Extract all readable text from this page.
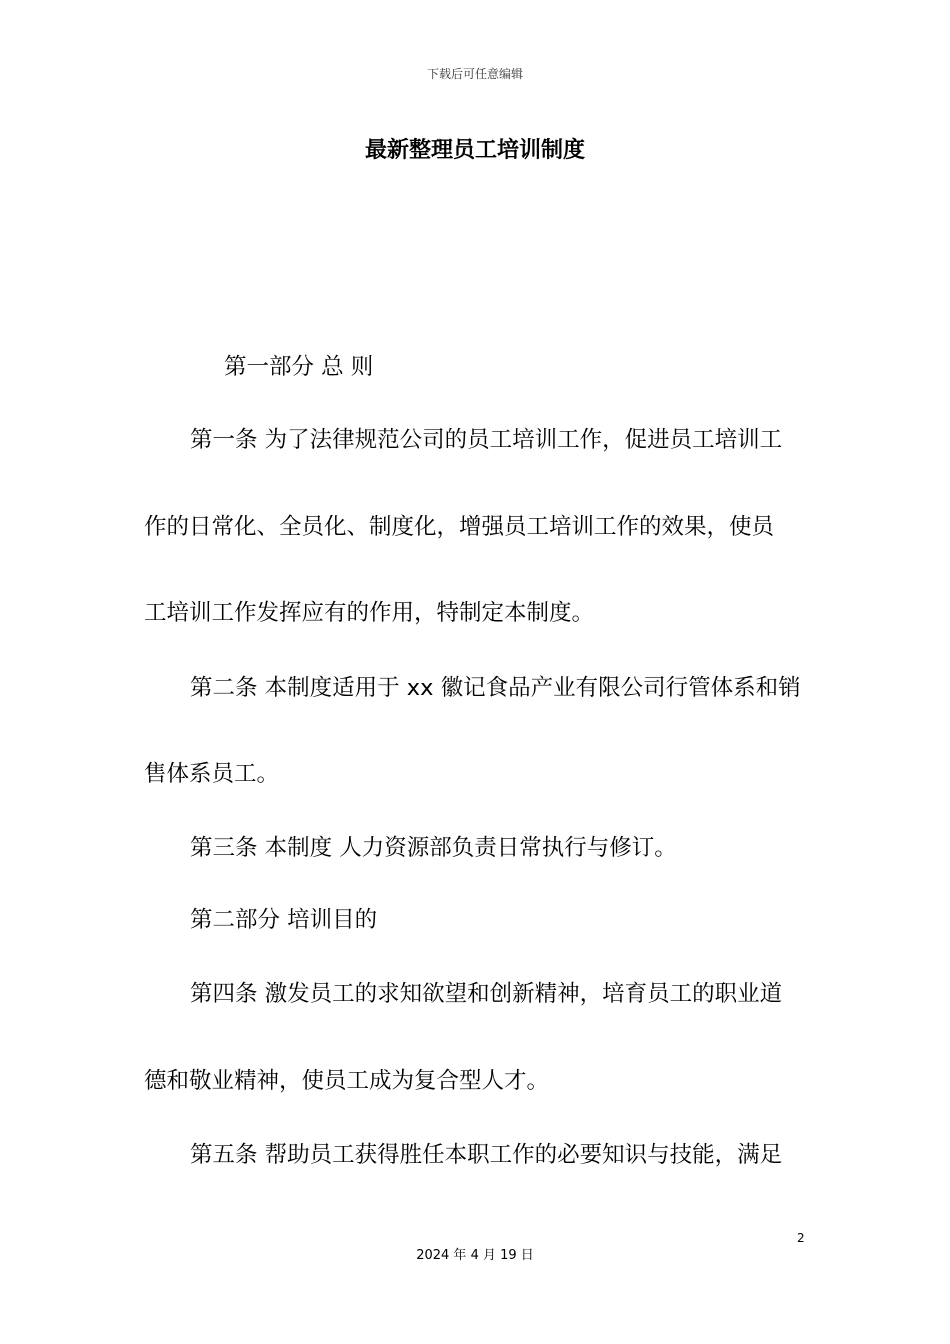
下载后可任意编辑
最新整理员工培训制度
第一部分 总 则
第一条 为了法律规范公司的员工培训工作，促进员工培训工
作的日常化、全员化、制度化，增强员工培训工作的效果，使员
工培训工作发挥应有的作用，特制定本制度。
第二条 本制度适用于 xx 徽记食品产业有限公司行管体系和销
售体系员工。
第三条 本制度 人力资源部负责日常执行与修订。
第二部分 培训目的
第四条 激发员工的求知欲望和创新精神，培育员工的职业道
德和敬业精神，使员工成为复合型人才。
第五条 帮助员工获得胜任本职工作的必要知识与技能，满足
2
2024 年 4 月 19 日
